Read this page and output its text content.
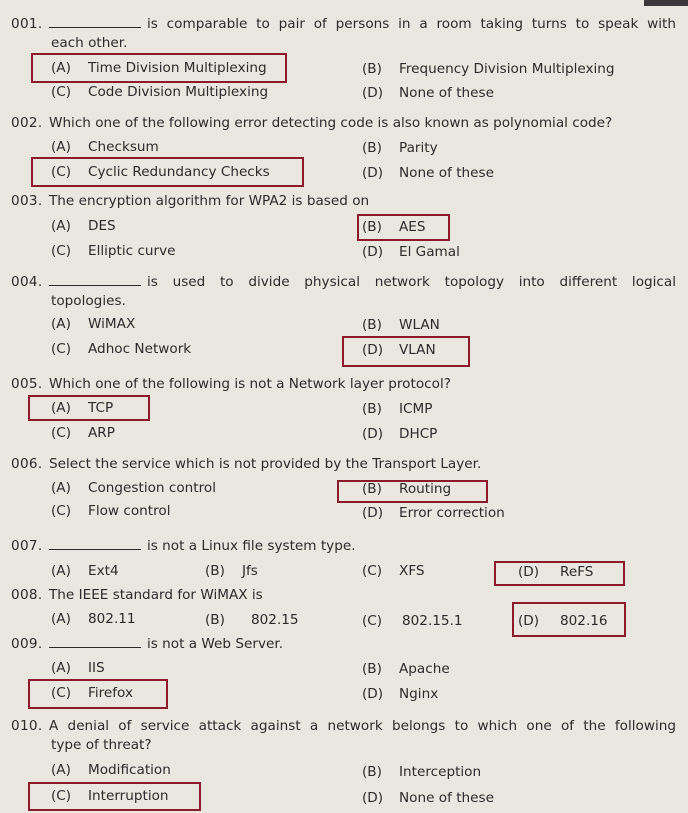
001.	is comparable to pair of persons in a room taking turns to speak with
each other.
(A) Time Division Multiplexing	(B) Frequency Division Multiplexing
(C) Code Division Multiplexing	(D) None of these
002. Which one of the following error detecting code is also known as polynomial code?
(A) Checksum	(B) Parity
(C) Cyclic Redundancy Checks	(D) None of these
003. The encryption algorithm for WPA2 is based on
(A) DES	(B) AES
(C) Elliptic curve	(D) El Gamal
004.	is used to divide physical network topology into different logical
topologies.
(A) WiMAX	(B) WLAN
(C) Adhoc Network	(D) VLAN
005. Which one of the following is not a Network layer protocol?
(A) TCP	(B) ICMP
(C) ARP	(D) DHCP
006. Select the service which is not provided by the Transport Layer.
(A) Congestion control	(B) Routing
(C) Flow control	(D) Error correction
007.	is not a Linux file system type.
(A) Ext4	(B) Jfs	(C) XFS	(D) ReFS
008. The IEEE standard for WiMAX is
(A) 802.11	(B) 802.15	(C) 802.15.1	(D) 802.16
009.	is not a Web Server.
(A) IIS	(B) Apache
(C) Firefox	(D) Nginx
010. A denial of service attack against a network belongs to which one of the following
type of threat?
(A) Modification	(B) Interception
(C) Interruption	(D) None of these
